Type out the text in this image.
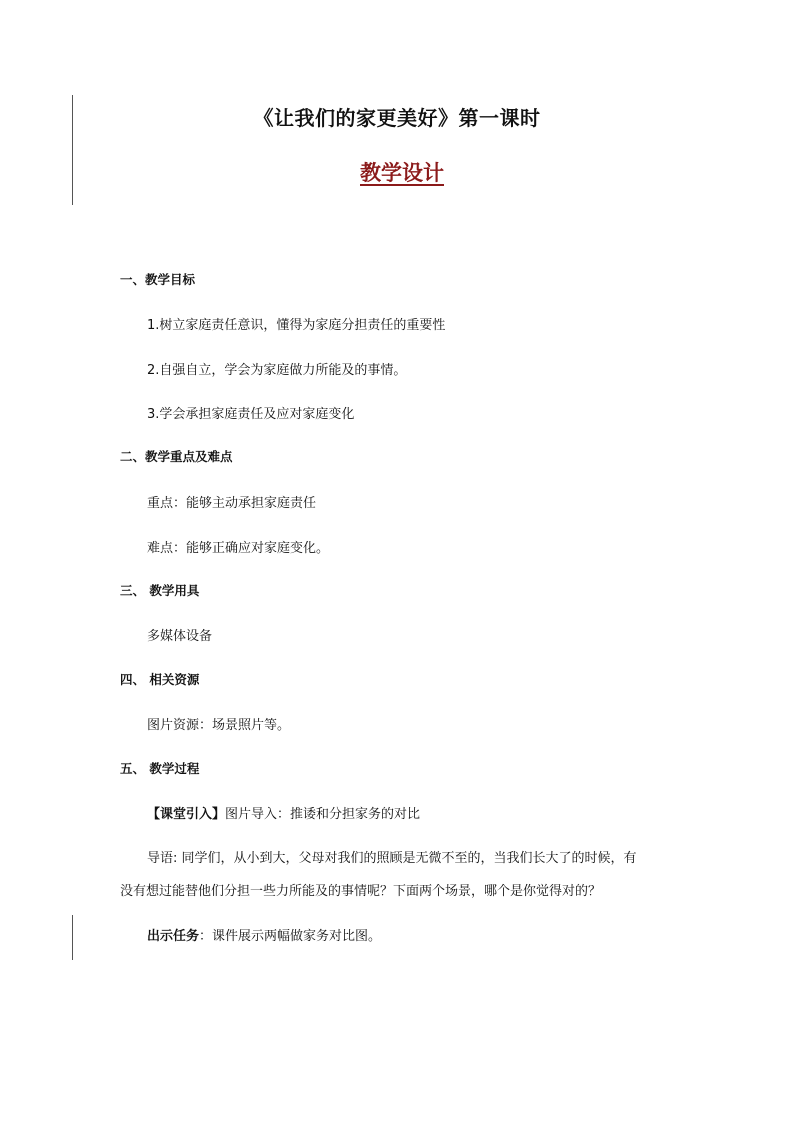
《让我们的家更美好》第一课时
教学设计
一、教学目标
1.树立家庭责任意识，懂得为家庭分担责任的重要性
2.自强自立，学会为家庭做力所能及的事情。
3.学会承担家庭责任及应对家庭变化
二、教学重点及难点
重点：能够主动承担家庭责任
难点：能够正确应对家庭变化。
三、 教学用具
多媒体设备
四、 相关资源
图片资源：场景照片等。
五、 教学过程
【课堂引入】图片导入：推诿和分担家务的对比
导语: 同学们，从小到大，父母对我们的照顾是无微不至的，当我们长大了的时候，有
没有想过能替他们分担一些力所能及的事情呢？下面两个场景，哪个是你觉得对的？
出示任务：课件展示两幅做家务对比图。
